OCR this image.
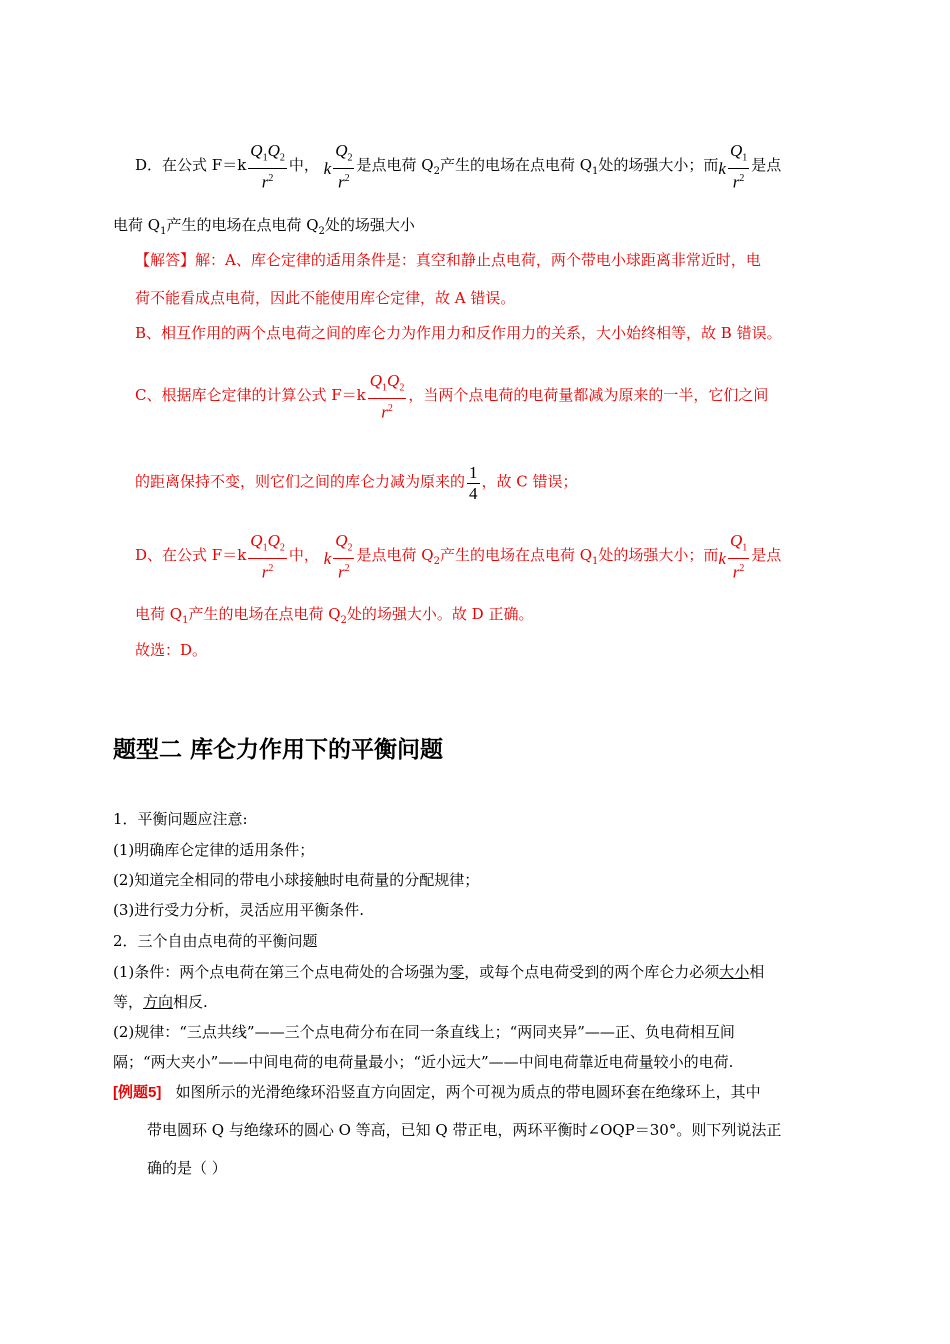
D．在公式 $F=k \frac{Q_1Q_2}{r^2}$ 中， k $\frac{Q_2}{r^2}$ 是点电荷 $Q_2$产生的电场在点电荷 $Q_1$处的场强大小；而k $\frac{Q_1}{r^2}$ 是点
电荷 $Q_1$产生的电场在点电荷 $Q_2$处的场强大小
【解答】解：A、库仑定律的适用条件是：真空和静止点电荷，两个带电小球距离非常近时，电
荷不能看成点电荷，因此不能使用库仑定律，故 A 错误。
B、相互作用的两个点电荷之间的库仑力为作用力和反作用力的关系，大小始终相等，故 B 错误。
C、根据库仑定律的计算公式 $F=k \frac{Q_1Q_2}{r^2}$ ，当两个点电荷的电荷量都减为原来的一半，它们之间
的距离保持不变，则它们之间的库仑力减为原来的 $\frac{1}{4}$ ，故 C 错误；
D、在公式 $F=k \frac{Q_1Q_2}{r^2}$ 中， k $\frac{Q_2}{r^2}$ 是点电荷 $Q_2$产生的电场在点电荷 $Q_1$处的场强大小；而k $\frac{Q_1}{r^2}$ 是点
电荷 $Q_1$产生的电场在点电荷 $Q_2$处的场强大小。故 D 正确。
故选：D。
题型二 库仑力作用下的平衡问题
1．平衡问题应注意:
(1)明确库仑定律的适用条件；
(2)知道完全相同的带电小球接触时电荷量的分配规律；
(3)进行受力分析，灵活应用平衡条件.
2．三个自由点电荷的平衡问题
(1)条件：两个点电荷在第三个点电荷处的合场强为零，或每个点电荷受到的两个库仑力必须大小相
等，方向相反.
(2)规律：“三点共线”——三个点电荷分布在同一条直线上；“两同夹异”——正、负电荷相互间
隔；“两大夹小”——中间电荷的电荷量最小；“近小远大”——中间电荷靠近电荷量较小的电荷.
[例题5] 如图所示的光滑绝缘环沿竖直方向固定，两个可视为质点的带电圆环套在绝缘环上，其中
带电圆环 Q 与绝缘环的圆心 O 等高，已知 Q 带正电，两环平衡时∠OQP＝30°。则下列说法正
确的是（ ）
